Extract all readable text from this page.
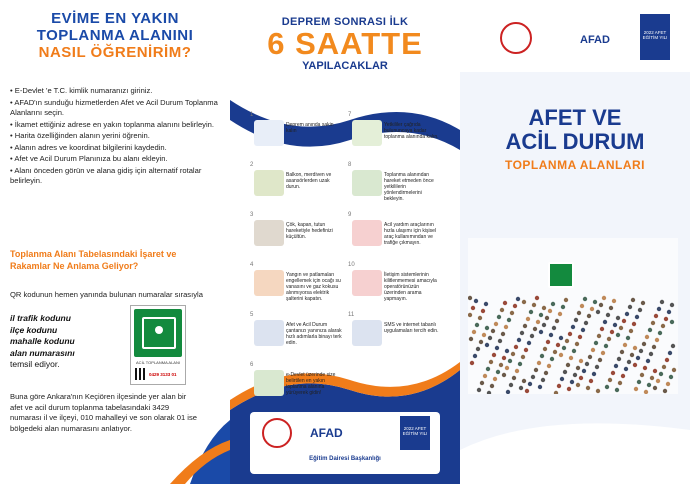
EVİME EN YAKIN
TOPLANMA ALANINI
NASIL ÖĞRENİRİM?
• E-Devlet 'e T.C. kimlik numaranızı giriniz.
• AFAD'ın sunduğu hizmetlerden Afet ve Acil Durum Toplanma Alanlarını seçin.
• İkamet ettiğiniz adrese en yakın toplanma alanını belirleyin.
• Harita özelliğinden alanın yerini öğrenin.
• Alanın adres ve koordinat bilgilerini kaydedin.
• Afet ve Acil Durum Planınıza bu alanı ekleyin.
• Alanı önceden görün ve alana gidiş için alternatif rotalar belirleyin.
Toplanma Alanı Tabelasındaki İşaret ve Rakamlar Ne Anlama Geliyor?
QR kodunun hemen yanında bulunan numaralar sırasıyla
il trafik kodunu
ilçe kodunu
mahalle kodunu
alan numarasını
temsil ediyor.	ACİL TOPLANMA ALANI
0429 3133 01
Buna göre Ankara'nın Keçiören ilçesinde yer alan bir afet ve acil durum toplanma tabelasındaki 3429 numarası il ve ilçeyi, 010 mahalleyi ve son olarak 01 ise bölgedeki alan numarasını anlatıyor.
DEPREM SONRASI İLK
6 SAATTE
YAPILACAKLAR
1
Deprem anında sakin kalın
2
Balkon, merdiven ve asansörlerden uzak durun.
3
Çök, kapan, tutun hareketiyle hedefinizi küçültün.
4
Yangın ve patlamaları engellemek için ocağı su vanasını ve gaz kokusu alınmıyorsa elektrik şalterini kapatın.
5
Afet ve Acil Durum çantanızı yanınıza alarak hızlı adımlarla binayı terk edin.
6
e-Devlet üzerinde size belirtilen en yakın toplanma alanına yürüyerek gidin!
7
Yetkililer çağrıda bulununcaya kadar toplanma alanında kalın.
8
Toplanma alanından hareket etmeden önce yetkililerin yönlendirmelerini bekleyin.
9
Acil yardım araçlarının hızla ulaşımı için kişisel araç kullanımından ve trafiğe çıkmayın.
10
İletişim sistemlerinin kilitlenmemesi amacıyla operatörünüzün üzerinden arama yapmayın.
11
SMS ve internet tabanlı uygulamaları tercih edin.
AFAD	2022 AFET EĞİTİM YILI
Eğitim Dairesi Başkanlığı
AFAD
2022 AFET EĞİTİM YILI
AFET VE
ACİL DURUM
TOPLANMA ALANLARI
